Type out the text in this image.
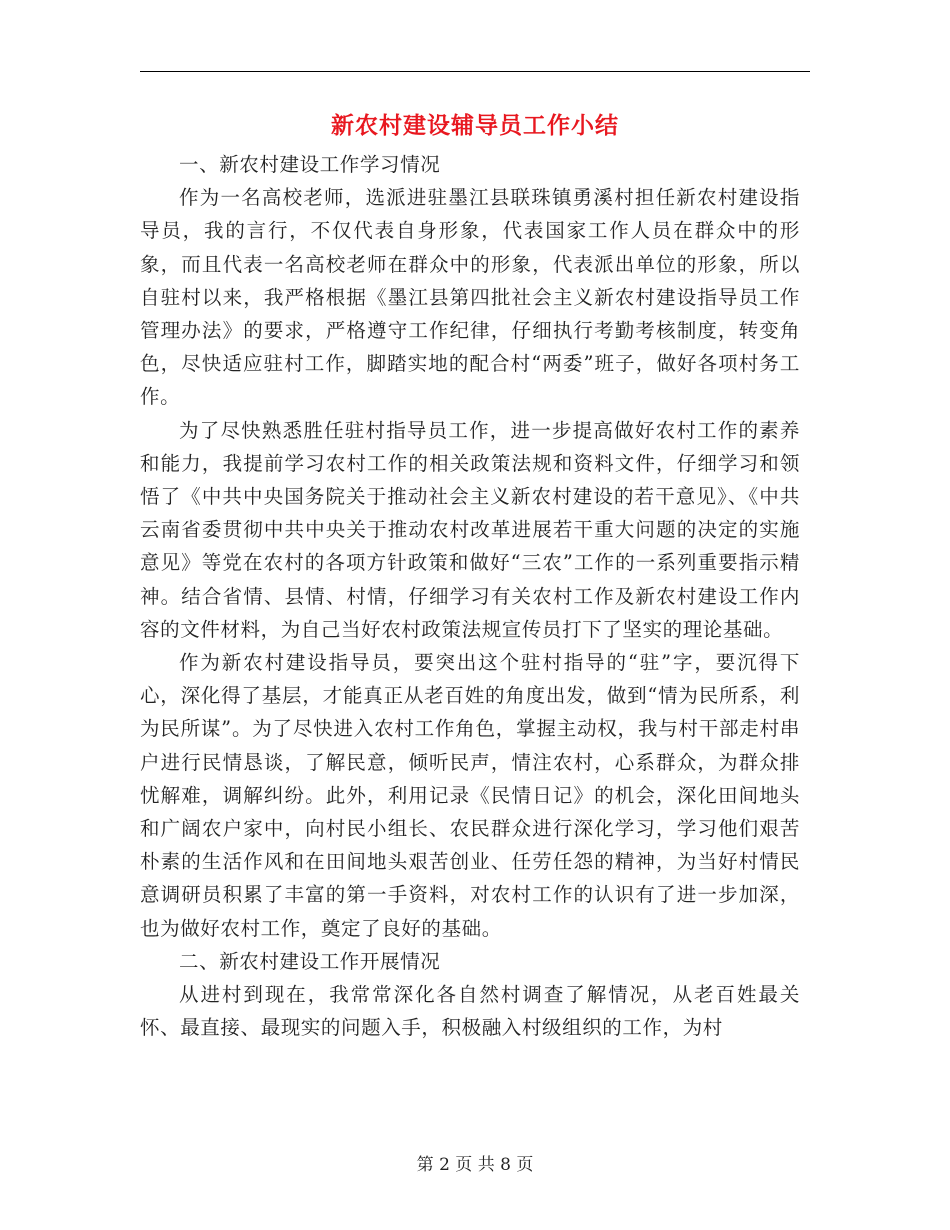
新农村建设辅导员工作小结

一、新农村建设工作学习情况

作为一名高校老师，选派进驻墨江县联珠镇勇溪村担任新农村建设指导员，我的言行，不仅代表自身形象，代表国家工作人员在群众中的形象，而且代表一名高校老师在群众中的形象，代表派出单位的形象，所以自驻村以来，我严格根据《墨江县第四批社会主义新农村建设指导员工作管理办法》的要求，严格遵守工作纪律，仔细执行考勤考核制度，转变角色，尽快适应驻村工作，脚踏实地的配合村“两委”班子，做好各项村务工作。

为了尽快熟悉胜任驻村指导员工作，进一步提高做好农村工作的素养和能力，我提前学习农村工作的相关政策法规和资料文件，仔细学习和领悟了《中共中央国务院关于推动社会主义新农村建设的若干意见》、《中共云南省委贯彻中共中央关于推动农村改革进展若干重大问题的决定的实施意见》等党在农村的各项方针政策和做好“三农”工作的一系列重要指示精神。结合省情、县情、村情，仔细学习有关农村工作及新农村建设工作内容的文件材料，为自己当好农村政策法规宣传员打下了坚实的理论基础。

作为新农村建设指导员，要突出这个驻村指导的“驻”字，要沉得下心，深化得了基层，才能真正从老百姓的角度出发，做到“情为民所系，利为民所谋”。为了尽快进入农村工作角色，掌握主动权，我与村干部走村串户进行民情恳谈，了解民意，倾听民声，情注农村，心系群众，为群众排忧解难，调解纠纷。此外，利用记录《民情日记》的机会，深化田间地头和广阔农户家中，向村民小组长、农民群众进行深化学习，学习他们艰苦朴素的生活作风和在田间地头艰苦创业、任劳任怨的精神，为当好村情民意调研员积累了丰富的第一手资料，对农村工作的认识有了进一步加深，也为做好农村工作，奠定了良好的基础。

二、新农村建设工作开展情况

从进村到现在，我常常深化各自然村调查了解情况，从老百姓最关怀、最直接、最现实的问题入手，积极融入村级组织的工作，为村

第 2 页 共 8 页
